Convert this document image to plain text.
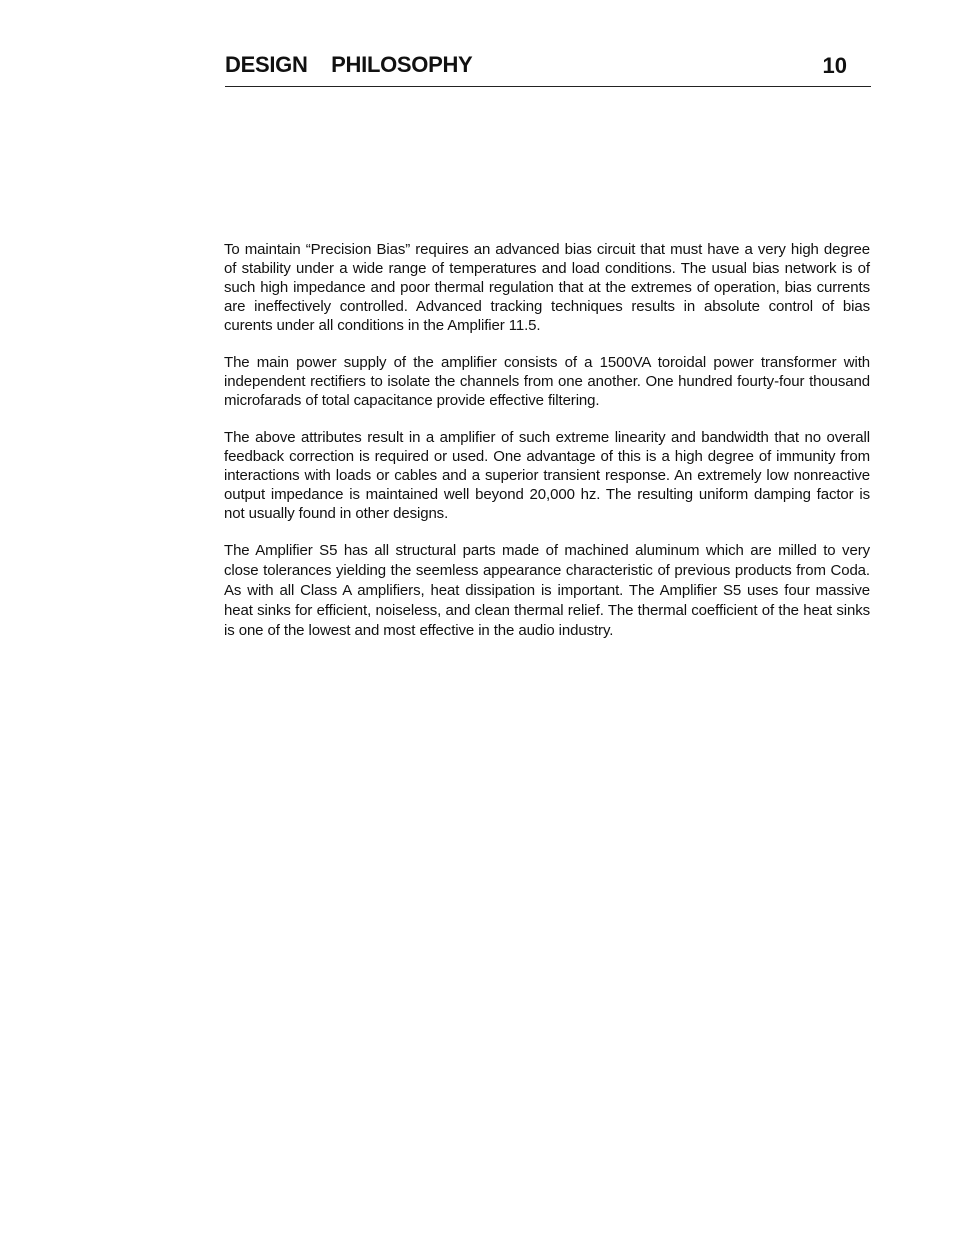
DESIGN  PHILOSOPHY	10

To maintain “Precision Bias” requires an advanced bias circuit that must have a very high degree of stability under a wide range of temperatures and load conditions. The usual bias network is of such high impedance and poor thermal regulation that at the extremes of operation, bias currents are ineffectively controlled. Advanced tracking techniques results in absolute control of bias curents under all conditions in the Amplifier 11.5.

The main power supply of the amplifier consists of a 1500VA toroidal power transformer with independent rectifiers to isolate the channels from one another. One hundred fourty-four thousand microfarads of total capacitance provide effective filtering.

The above attributes result in a amplifier of such extreme linearity and bandwidth that no overall feedback correction is required or used. One advantage of this is a high degree of immunity from interactions with loads or cables and a superior transient response. An extremely low nonreactive output impedance is maintained well beyond 20,000 hz. The resulting uniform damping factor is not usually found in other designs.

The Amplifier S5 has all structural parts made of machined aluminum which are milled to very close tolerances yielding the seemless appearance characteristic of previous products from Coda. As with all Class A amplifiers, heat dissipation is important. The Amplifier S5 uses four massive heat sinks for efficient, noiseless, and clean thermal relief. The thermal coefficient of the heat sinks is one of the lowest and most effective in the audio industry.
